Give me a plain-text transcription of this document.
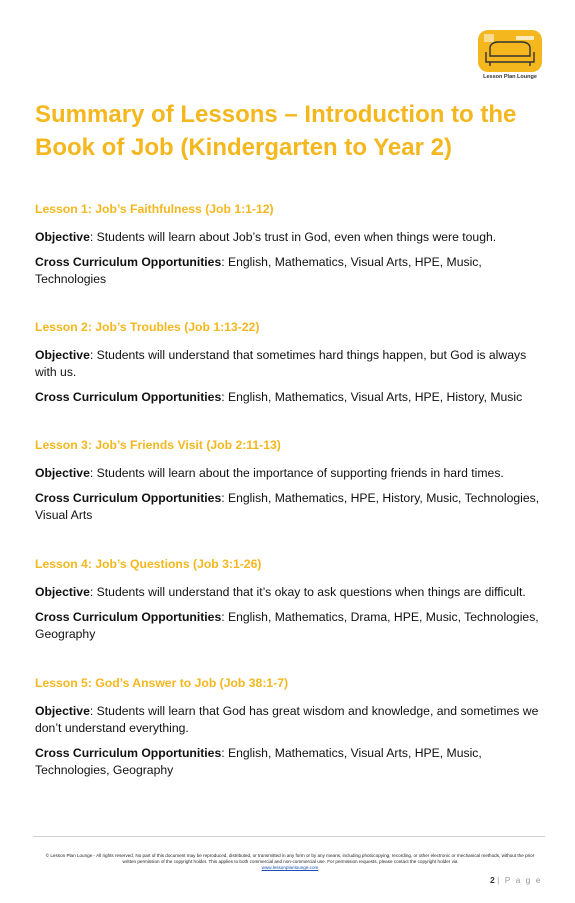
Lesson Plan Lounge
Summary of Lessons – Introduction to the Book of Job (Kindergarten to Year 2)
Lesson 1: Job’s Faithfulness (Job 1:1-12)

Objective: Students will learn about Job’s trust in God, even when things were tough.

Cross Curriculum Opportunities: English, Mathematics, Visual Arts, HPE, Music, Technologies

Lesson 2: Job’s Troubles (Job 1:13-22)

Objective: Students will understand that sometimes hard things happen, but God is always with us.

Cross Curriculum Opportunities: English, Mathematics, Visual Arts, HPE, History, Music

Lesson 3: Job’s Friends Visit (Job 2:11-13)

Objective: Students will learn about the importance of supporting friends in hard times.

Cross Curriculum Opportunities: English, Mathematics, HPE, History, Music, Technologies, Visual Arts

Lesson 4: Job’s Questions (Job 3:1-26)

Objective: Students will understand that it’s okay to ask questions when things are difficult.

Cross Curriculum Opportunities: English, Mathematics, Drama, HPE, Music, Technologies, Geography

Lesson 5: God’s Answer to Job (Job 38:1-7)

Objective: Students will learn that God has great wisdom and knowledge, and sometimes we don’t understand everything.

Cross Curriculum Opportunities: English, Mathematics, Visual Arts, HPE, Music, Technologies, Geography

© Lesson Plan Lounge - All rights reserved. No part of this document may be reproduced, distributed, or transmitted in any form or by any means, including photocopying, recording, or other electronic or mechanical methods, without the prior written permission of the copyright holder. This applies to both commercial and non-commercial use. For permission requests, please contact the copyright holder via
www.lessonplanlounge.com
2 | P a g e
